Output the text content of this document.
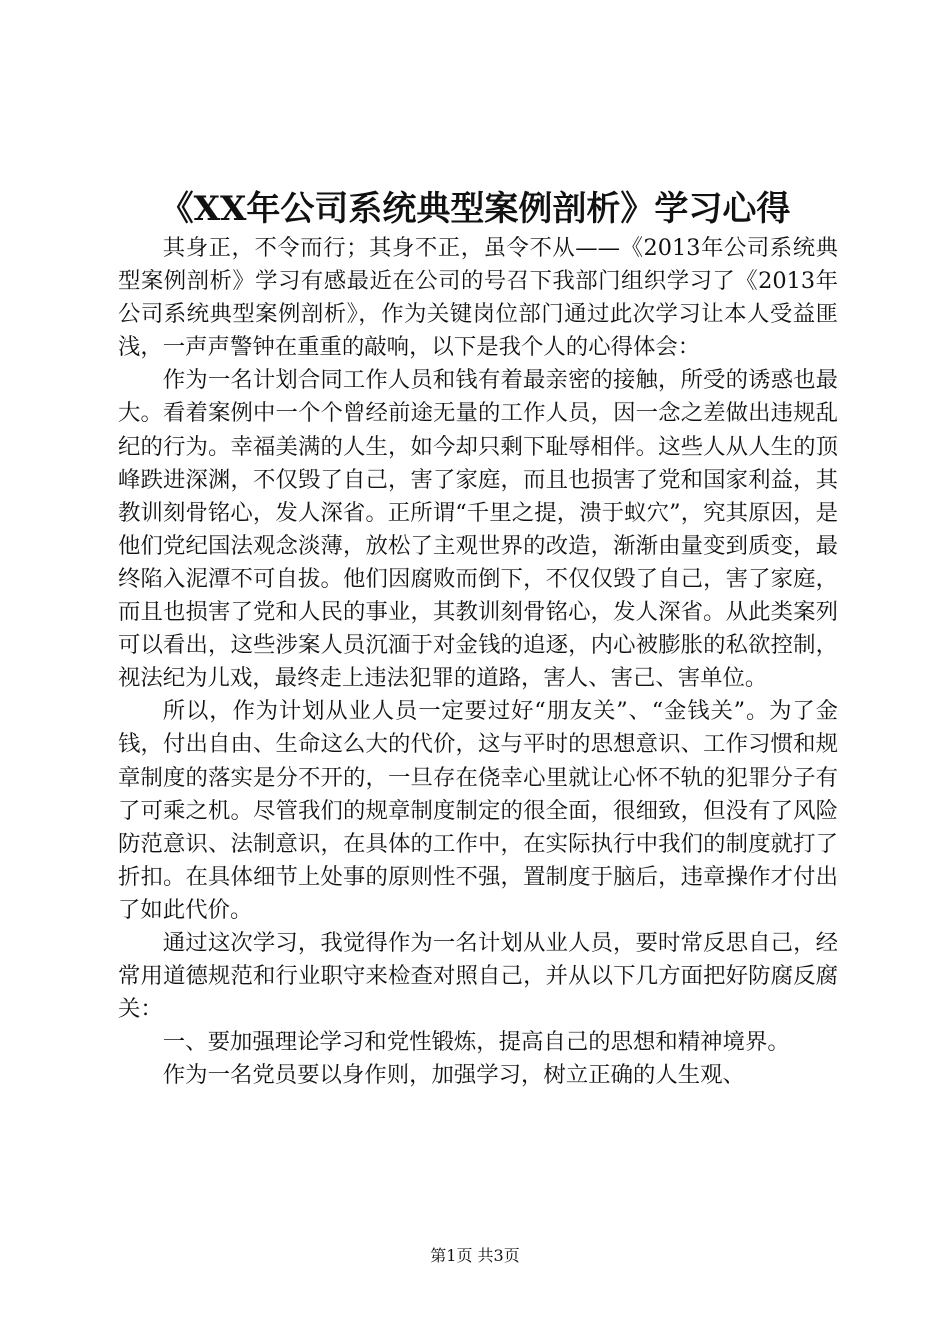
《XX年公司系统典型案例剖析》学习心得

其身正，不令而行；其身不正，虽令不从——《2013年公司系统典型案例剖析》学习有感最近在公司的号召下我部门组织学习了《2013年公司系统典型案例剖析》，作为关键岗位部门通过此次学习让本人受益匪浅，一声声警钟在重重的敲响，以下是我个人的心得体会：

作为一名计划合同工作人员和钱有着最亲密的接触，所受的诱惑也最大。看着案例中一个个曾经前途无量的工作人员，因一念之差做出违规乱纪的行为。幸福美满的人生，如今却只剩下耻辱相伴。这些人从人生的顶峰跌进深渊，不仅毁了自己，害了家庭，而且也损害了党和国家利益，其教训刻骨铭心，发人深省。正所谓“千里之提，溃于蚁穴”，究其原因，是他们党纪国法观念淡薄，放松了主观世界的改造，渐渐由量变到质变，最终陷入泥潭不可自拔。他们因腐败而倒下，不仅仅毁了自己，害了家庭，而且也损害了党和人民的事业，其教训刻骨铭心，发人深省。从此类案列可以看出，这些涉案人员沉湎于对金钱的追逐，内心被膨胀的私欲控制，视法纪为儿戏，最终走上违法犯罪的道路，害人、害己、害单位。

所以，作为计划从业人员一定要过好“朋友关”、“金钱关”。为了金钱，付出自由、生命这么大的代价，这与平时的思想意识、工作习惯和规章制度的落实是分不开的，一旦存在侥幸心里就让心怀不轨的犯罪分子有了可乘之机。尽管我们的规章制度制定的很全面，很细致，但没有了风险防范意识、法制意识，在具体的工作中，在实际执行中我们的制度就打了折扣。在具体细节上处事的原则性不强，置制度于脑后，违章操作才付出了如此代价。

通过这次学习，我觉得作为一名计划从业人员，要时常反思自己，经常用道德规范和行业职守来检查对照自己，并从以下几方面把好防腐反腐关：

一、要加强理论学习和党性锻炼，提高自己的思想和精神境界。

作为一名党员要以身作则，加强学习，树立正确的人生观、

第1页 共3页
